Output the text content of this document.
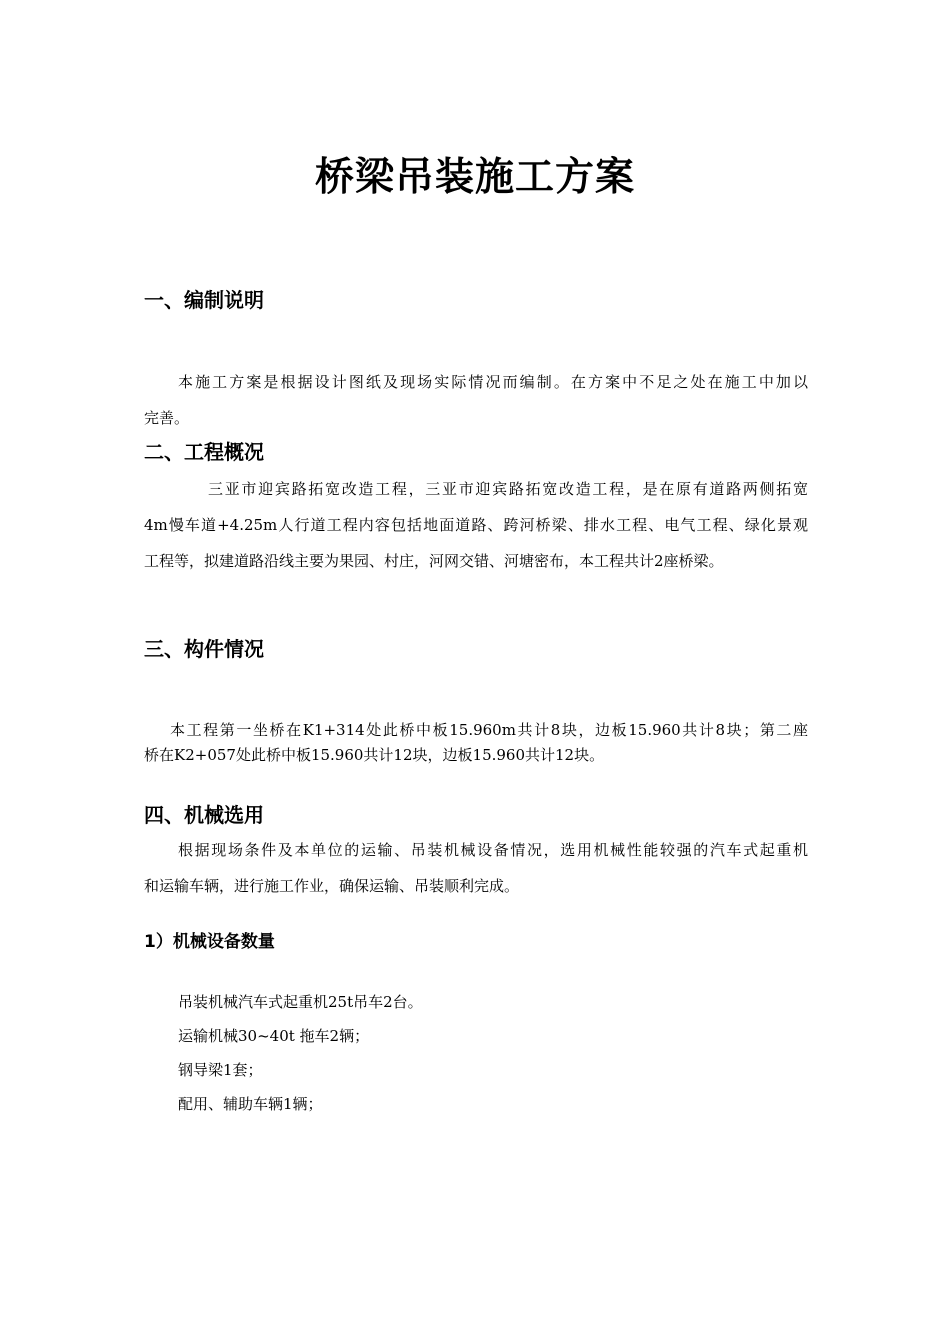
桥梁吊装施工方案
一、编制说明
本施工方案是根据设计图纸及现场实际情况而编制。在方案中不足之处在施工中加以
完善。
二、工程概况
三亚市迎宾路拓宽改造工程，三亚市迎宾路拓宽改造工程，是在原有道路两侧拓宽
4m慢车道+4.25m人行道工程内容包括地面道路、跨河桥梁、排水工程、电气工程、绿化景观
工程等，拟建道路沿线主要为果园、村庄，河网交错、河塘密布，本工程共计2座桥梁。
三、构件情况
本工程第一坐桥在K1+314处此桥中板15.960m共计8块，边板15.960共计8块；第二座
桥在K2+057处此桥中板15.960共计12块，边板15.960共计12块。
四、机械选用
根据现场条件及本单位的运输、吊装机械设备情况，选用机械性能较强的汽车式起重机
和运输车辆，进行施工作业，确保运输、吊装顺利完成。
1）机械设备数量
吊装机械汽车式起重机25t吊车2台。
运输机械30~40t 拖车2辆；
钢导梁1套；
配用、辅助车辆1辆；
